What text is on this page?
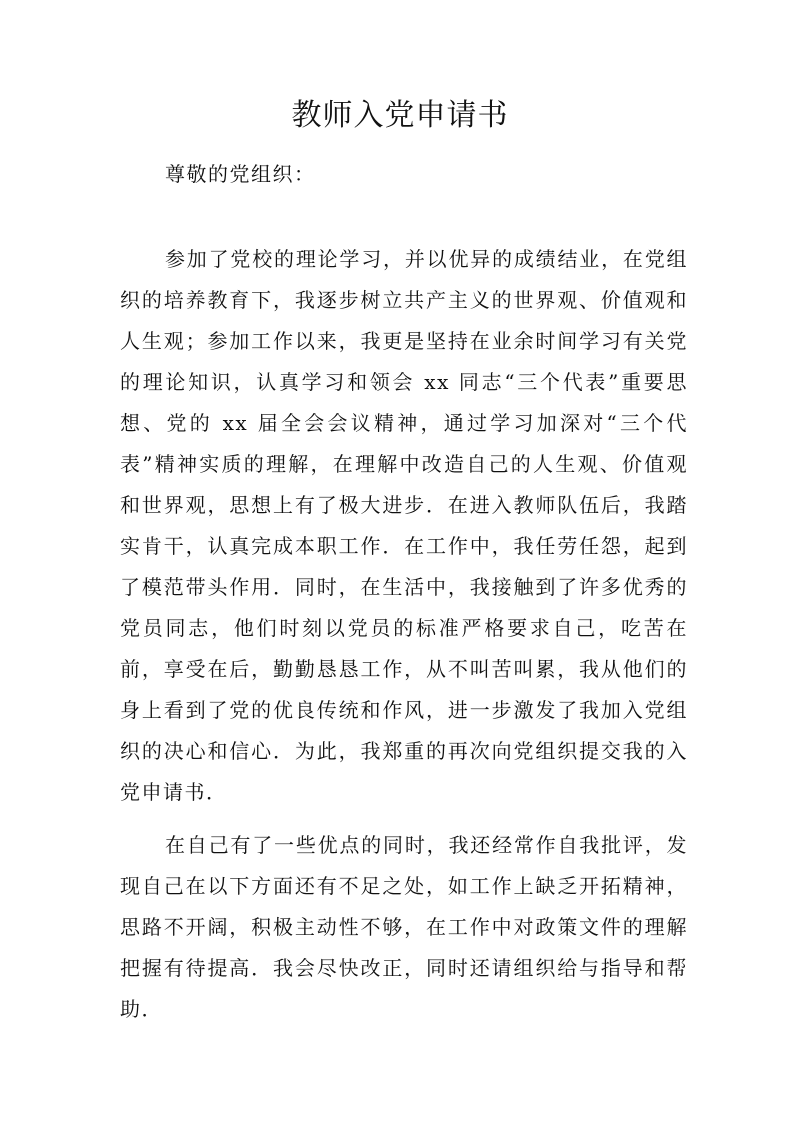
教师入党申请书
尊敬的党组织：

参加了党校的理论学习，并以优异的成绩结业，在党组织的培养教育下，我逐步树立共产主义的世界观、价值观和人生观；参加工作以来，我更是坚持在业余时间学习有关党的理论知识，认真学习和领会 xx 同志“三个代表”重要思想、党的 xx 届全会会议精神，通过学习加深对“三个代表”精神实质的理解，在理解中改造自己的人生观、价值观和世界观，思想上有了极大进步．在进入教师队伍后，我踏实肯干，认真完成本职工作．在工作中，我任劳任怨，起到了模范带头作用．同时，在生活中，我接触到了许多优秀的党员同志，他们时刻以党员的标准严格要求自己，吃苦在前，享受在后，勤勤恳恳工作，从不叫苦叫累，我从他们的身上看到了党的优良传统和作风，进一步激发了我加入党组织的决心和信心．为此，我郑重的再次向党组织提交我的入党申请书．

在自己有了一些优点的同时，我还经常作自我批评，发现自己在以下方面还有不足之处，如工作上缺乏开拓精神，思路不开阔，积极主动性不够，在工作中对政策文件的理解把握有待提高．我会尽快改正，同时还请组织给与指导和帮助．
